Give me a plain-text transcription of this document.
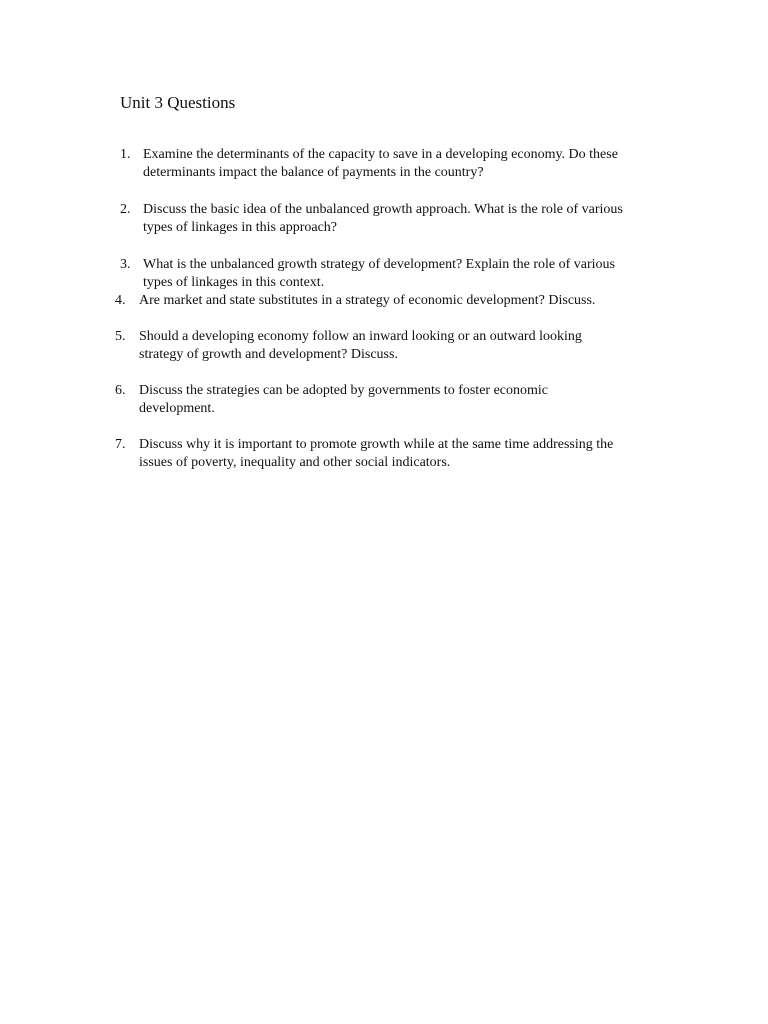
Unit 3 Questions
1. Examine the determinants of the capacity to save in a developing economy. Do these
determinants impact the balance of payments in the country?
2. Discuss the basic idea of the unbalanced growth approach. What is the role of various
types of linkages in this approach?
3. What is the unbalanced growth strategy of development? Explain the role of various
types of linkages in this context.
4. Are market and state substitutes in a strategy of economic development? Discuss.
5. Should a developing economy follow an inward looking or an outward looking
strategy of growth and development? Discuss.
6. Discuss the strategies can be adopted by governments to foster economic
development.
7. Discuss why it is important to promote growth while at the same time addressing the
issues of poverty, inequality and other social indicators.
